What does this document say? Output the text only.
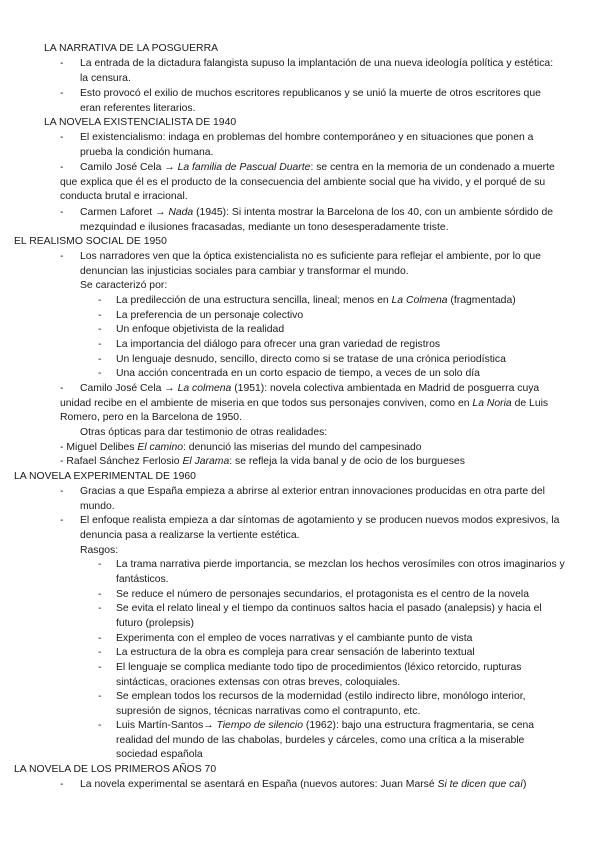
LA NARRATIVA DE LA POSGUERRA
- La entrada de la dictadura falangista supuso la implantación de una nueva ideología política y estética: la censura.
- Esto provocó el exilio de muchos escritores republicanos y se unió la muerte de otros escritores que eran referentes literarios.
LA NOVELA EXISTENCIALISTA DE 1940
- El existencialismo: indaga en problemas del hombre contemporáneo y en situaciones que ponen a prueba la condición humana.
-	Camilo José Cela → La familia de Pascual Duarte: se centra en la memoria de un condenado a muerte que explica que él es el producto de la consecuencia del ambiente social que ha vivido, y el porqué de su conducta brutal e irracional.
- Carmen Laforet → Nada (1945): Si intenta mostrar la Barcelona de los 40, con un ambiente sórdido de mezquindad e ilusiones fracasadas, mediante un tono desesperadamente triste.
EL REALISMO SOCIAL DE 1950
- Los narradores ven que la óptica existencialista no es suficiente para reflejar el ambiente, por lo que denuncian las injusticias sociales para cambiar y transformar el mundo.
Se caracterizó por:
- La predilección de una estructura sencilla, lineal; menos en La Colmena (fragmentada)
- La preferencia de un personaje colectivo
- Un enfoque objetivista de la realidad
- La importancia del diálogo para ofrecer una gran variedad de registros
- Un lenguaje desnudo, sencillo, directo como si se tratase de una crónica periodística
- Una acción concentrada en un corto espacio de tiempo, a veces de un solo día
-	Camilo José Cela → La colmena (1951): novela colectiva ambientada en Madrid de posguerra cuya unidad recibe en el ambiente de miseria en que todos sus personajes conviven, como en La Noria de Luis Romero, pero en la Barcelona de 1950.
Otras ópticas para dar testimonio de otras realidades:
- Miguel Delibes El camino: denunció las miserias del mundo del campesinado
- Rafael Sánchez Ferlosio El Jarama: se refleja la vida banal y de ocio de los burgueses
LA NOVELA EXPERIMENTAL DE 1960
- Gracias a que España empieza a abrirse al exterior entran innovaciones producidas en otra parte del mundo.
- El enfoque realista empieza a dar síntomas de agotamiento y se producen nuevos modos expresivos, la denuncia pasa a realizarse la vertiente estética.
Rasgos:
- La trama narrativa pierde importancia, se mezclan los hechos verosímiles con otros imaginarios y fantásticos.
- Se reduce el número de personajes secundarios, el protagonista es el centro de la novela
- Se evita el relato lineal y el tiempo da continuos saltos hacia el pasado (analepsis) y hacia el futuro (prolepsis)
- Experimenta con el empleo de voces narrativas y el cambiante punto de vista
- La estructura de la obra es compleja para crear sensación de laberinto textual
- El lenguaje se complica mediante todo tipo de procedimientos (léxico retorcido, rupturas sintácticas, oraciones extensas con otras breves, coloquiales.
- Se emplean todos los recursos de la modernidad (estilo indirecto libre, monólogo interior, supresión de signos, técnicas narrativas como el contrapunto, etc.
- Luis Martín-Santos→ Tiempo de silencio (1962): bajo una estructura fragmentaria, se cena realidad del mundo de las chabolas, burdeles y cárceles, como una crítica a la miserable sociedad española
LA NOVELA DE LOS PRIMEROS AÑOS 70
- La novela experimental se asentará en España (nuevos autores: Juan Marsé Si te dicen que caí)
